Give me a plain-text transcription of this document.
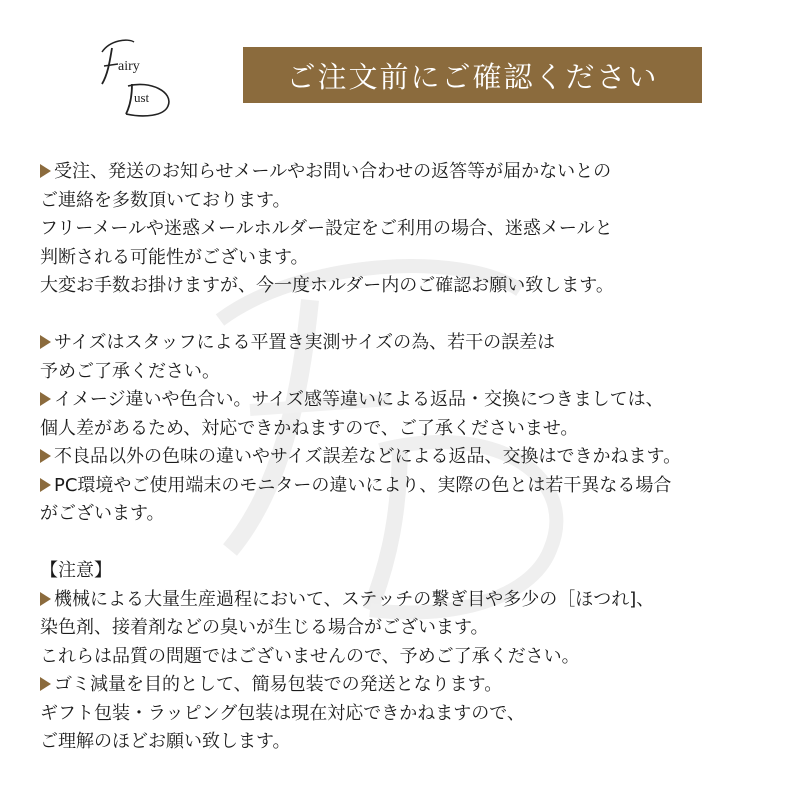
airy
ust
ご注文前にご確認ください
受注、発送のお知らせメールやお問い合わせの返答等が届かないとの
ご連絡を多数頂いております。
フリーメールや迷惑メールホルダー設定をご利用の場合、迷惑メールと
判断される可能性がございます。
大変お手数お掛けますが、今一度ホルダー内のご確認お願い致します。
サイズはスタッフによる平置き実測サイズの為、若干の誤差は
予めご了承ください。
イメージ違いや色合い。サイズ感等違いによる返品・交換につきましては、
個人差があるため、対応できかねますので、ご了承くださいませ。
不良品以外の色味の違いやサイズ誤差などによる返品、交換はできかねます。
PC環境やご使用端末のモニターの違いにより、実際の色とは若干異なる場合
がございます。
【注意】
機械による大量生産過程において、ステッチの繋ぎ目や多少の［ほつれ]、
染色剤、接着剤などの臭いが生じる場合がございます。
これらは品質の問題ではございませんので、予めご了承ください。
ゴミ減量を目的として、簡易包装での発送となります。
ギフト包装・ラッピング包装は現在対応できかねますので、
ご理解のほどお願い致します。
